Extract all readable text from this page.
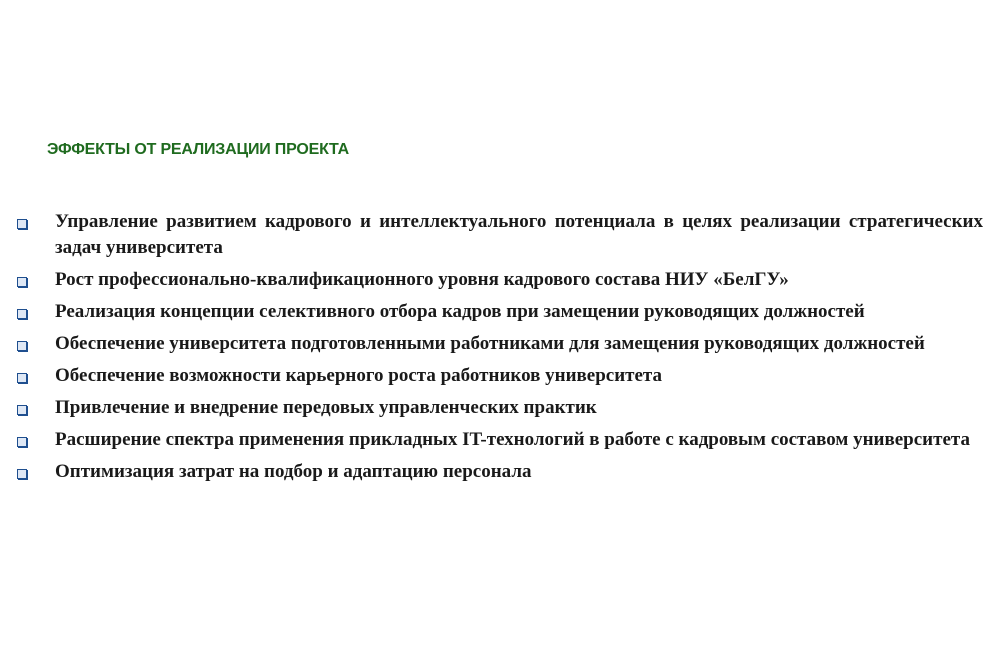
ЭФФЕКТЫ ОТ РЕАЛИЗАЦИИ ПРОЕКТА
Управление развитием кадрового и интеллектуального потенциала в целях реализации стратегических задач университета
Рост профессионально-квалификационного уровня кадрового состава НИУ «БелГУ»
Реализация концепции селективного отбора кадров при замещении руководящих должностей
Обеспечение университета подготовленными работниками для замещения руководящих должностей
Обеспечение возможности карьерного роста работников университета
Привлечение и внедрение передовых управленческих практик
Расширение спектра применения прикладных IT-технологий в работе с кадровым составом университета
Оптимизация затрат на подбор и адаптацию персонала
